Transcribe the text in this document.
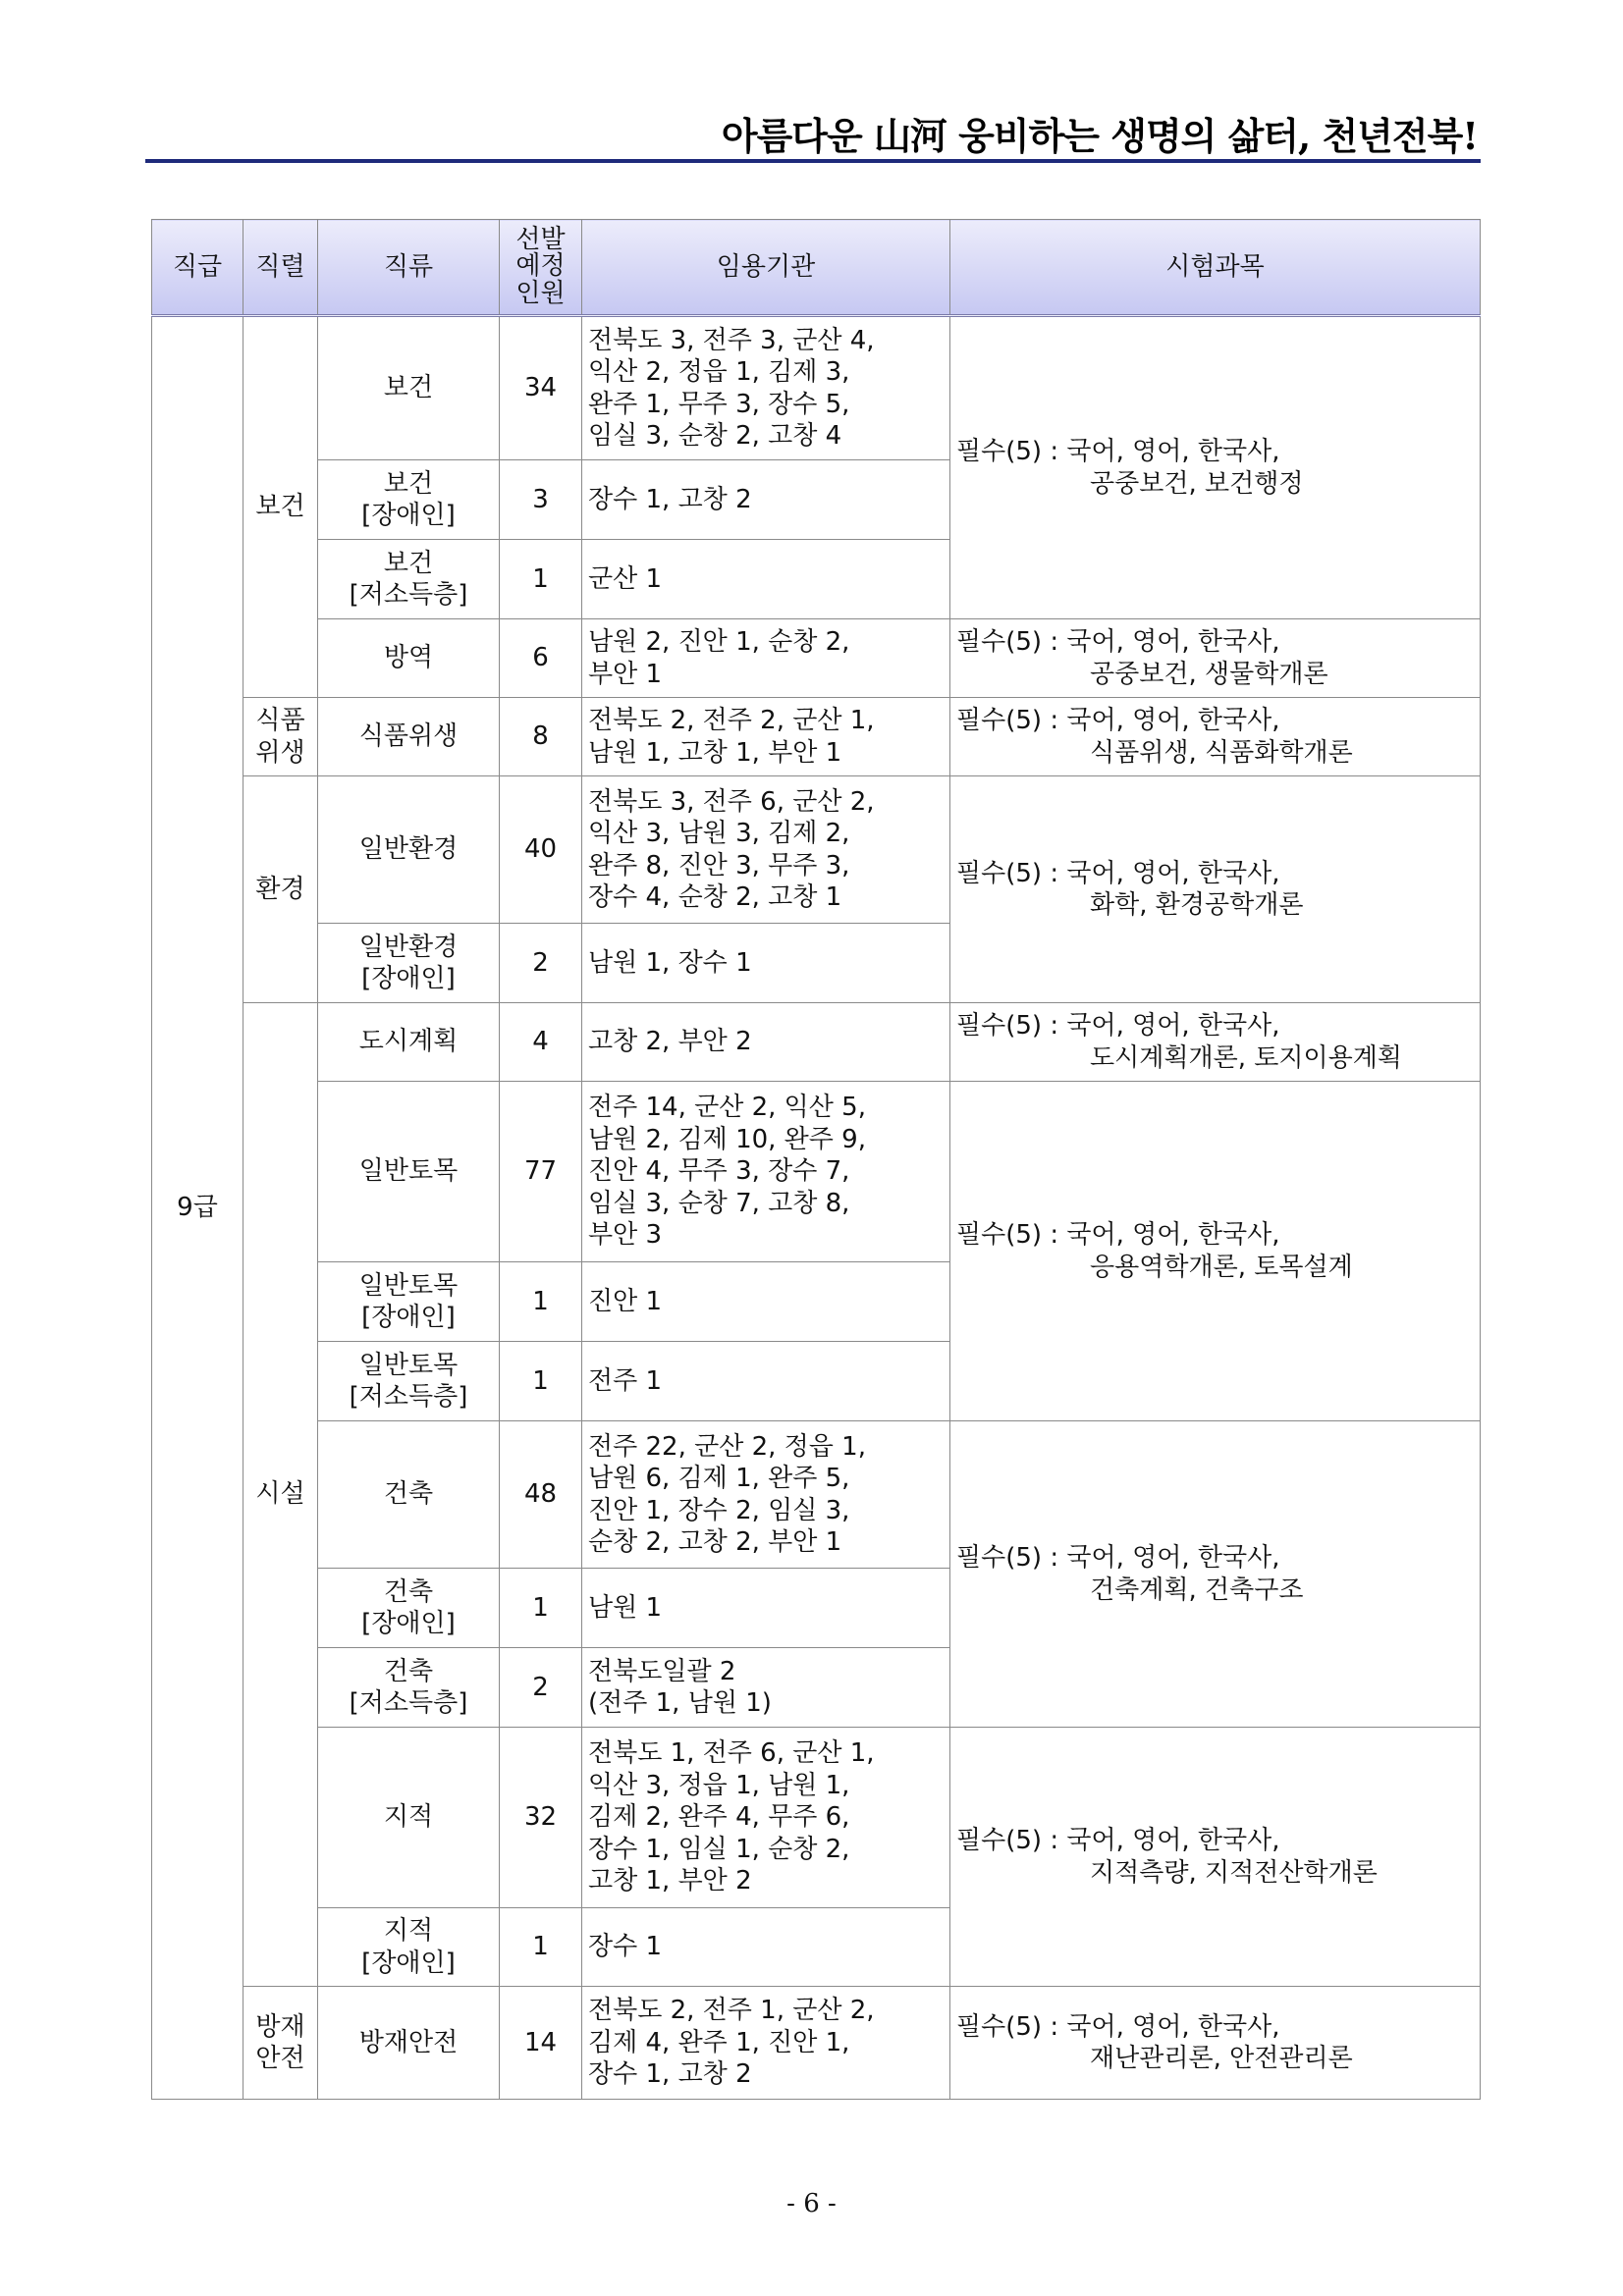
아름다운 山河 웅비하는 생명의 삶터, 천년전북!
직급	직렬	직류	선발
예정
인원	임용기관	시험과목
9급	보건	보건	34	전북도 3, 전주 3, 군산 4,
익산 2, 정읍 1, 김제 3,
완주 1, 무주 3, 장수 5,
임실 3, 순창 2, 고창 4	필수(5) : 국어, 영어, 한국사,
공중보건, 보건행정

		보건
[장애인]	3	장수 1, 고창 2	
		보건
[저소득층]	1	군산 1	
		방역	6	남원 2, 진안 1, 순창 2,
부안 1	필수(5) : 국어, 영어, 한국사,
공중보건, 생물학개론

	식품
위생	식품위생	8	전북도 2, 전주 2, 군산 1,
남원 1, 고창 1, 부안 1	필수(5) : 국어, 영어, 한국사,
식품위생, 식품화학개론

	환경	일반환경	40	전북도 3, 전주 6, 군산 2,
익산 3, 남원 3, 김제 2,
완주 8, 진안 3, 무주 3,
장수 4, 순창 2, 고창 1	필수(5) : 국어, 영어, 한국사,
화학, 환경공학개론

		일반환경
[장애인]	2	남원 1, 장수 1	
	시설	도시계획	4	고창 2, 부안 2	필수(5) : 국어, 영어, 한국사,
도시계획개론, 토지이용계획

		일반토목	77	전주 14, 군산 2, 익산 5,
남원 2, 김제 10, 완주 9,
진안 4, 무주 3, 장수 7,
임실 3, 순창 7, 고창 8,
부안 3	필수(5) : 국어, 영어, 한국사,
응용역학개론, 토목설계

		일반토목
[장애인]	1	진안 1	
		일반토목
[저소득층]	1	전주 1	
		건축	48	전주 22, 군산 2, 정읍 1,
남원 6, 김제 1, 완주 5,
진안 1, 장수 2, 임실 3,
순창 2, 고창 2, 부안 1	필수(5) : 국어, 영어, 한국사,
건축계획, 건축구조

		건축
[장애인]	1	남원 1	
		건축
[저소득층]	2	전북도일괄 2
(전주 1, 남원 1)	
		지적	32	전북도 1, 전주 6, 군산 1,
익산 3, 정읍 1, 남원 1,
김제 2, 완주 4, 무주 6,
장수 1, 임실 1, 순창 2,
고창 1, 부안 2	필수(5) : 국어, 영어, 한국사,
지적측량, 지적전산학개론

		지적
[장애인]	1	장수 1	
	방재
안전	방재안전	14	전북도 2, 전주 1, 군산 2,
김제 4, 완주 1, 진안 1,
장수 1, 고창 2	필수(5) : 국어, 영어, 한국사,
재난관리론, 안전관리론
- 6 -
